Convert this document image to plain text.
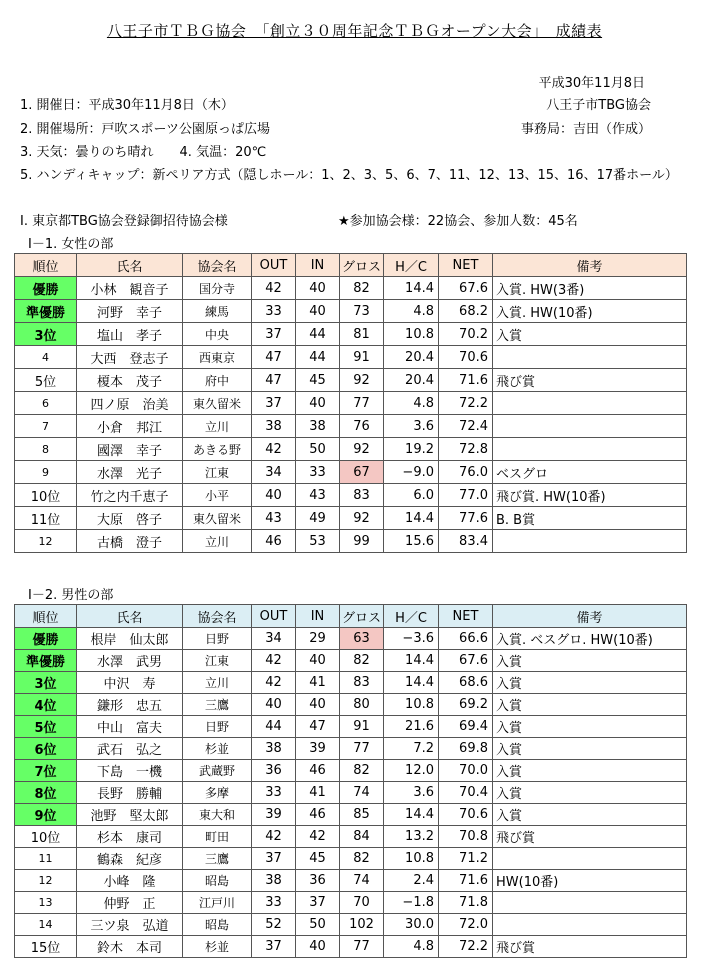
八王子市ＴＢＧ協会　「創立３０周年記念ＴＢＧオープン大会」　成績表
平成30年11月8日
1. 開催日：平成30年11月8日（木）	八王子市TBG協会
2. 開催場所：戸吹スポーツ公園原っぱ広場	事務局：吉田（作成）
3. 天気：曇りのち晴れ　　4. 気温：20℃
5. ハンディキャップ：新ペリア方式（隠しホール：1、2、3、5、6、7、11、12、13、15、16、17番ホール）
Ⅰ. 東京都TBG協会登録御招待協会様	★参加協会様：22協会、参加人数：45名
Ⅰ－1. 女性の部
順位	氏名	協会名	OUT	IN	グロス	H／C	NET	備考
優勝	小林　観音子	国分寺	42	40	82	14.4	67.6	入賞. HW(3番)
準優勝	河野　幸子	練馬	33	40	73	4.8	68.2	入賞. HW(10番)
3位	塩山　孝子	中央	37	44	81	10.8	70.2	入賞
4	大西　登志子	西東京	47	44	91	20.4	70.6	
5位	榎本　茂子	府中	47	45	92	20.4	71.6	飛び賞
6	四ノ原　治美	東久留米	37	40	77	4.8	72.2	
7	小倉　邦江	立川	38	38	76	3.6	72.4	
8	國澤　幸子	あきる野	42	50	92	19.2	72.8	
9	水澤　光子	江東	34	33	67	−9.0	76.0	ベスグロ
10位	竹之内千恵子	小平	40	43	83	6.0	77.0	飛び賞. HW(10番)
11位	大原　啓子	東久留米	43	49	92	14.4	77.6	B. B賞
12	古橋　澄子	立川	46	53	99	15.6	83.4	
Ⅰ－2. 男性の部
順位	氏名	協会名	OUT	IN	グロス	H／C	NET	備考
優勝	根岸　仙太郎	日野	34	29	63	−3.6	66.6	入賞. ベスグロ. HW(10番)
準優勝	水澤　武男	江東	42	40	82	14.4	67.6	入賞
3位	中沢　寿	立川	42	41	83	14.4	68.6	入賞
4位	鎌形　忠五	三鷹	40	40	80	10.8	69.2	入賞
5位	中山　富夫	日野	44	47	91	21.6	69.4	入賞
6位	武石　弘之	杉並	38	39	77	7.2	69.8	入賞
7位	下島　一機	武蔵野	36	46	82	12.0	70.0	入賞
8位	長野　勝輔	多摩	33	41	74	3.6	70.4	入賞
9位	池野　堅太郎	東大和	39	46	85	14.4	70.6	入賞
10位	杉本　康司	町田	42	42	84	13.2	70.8	飛び賞
11	鶴森　紀彦	三鷹	37	45	82	10.8	71.2	
12	小峰　隆	昭島	38	36	74	2.4	71.6	HW(10番)
13	仲野　正	江戸川	33	37	70	−1.8	71.8	
14	三ツ泉　弘道	昭島	52	50	102	30.0	72.0	
15位	鈴木　本司	杉並	37	40	77	4.8	72.2	飛び賞
